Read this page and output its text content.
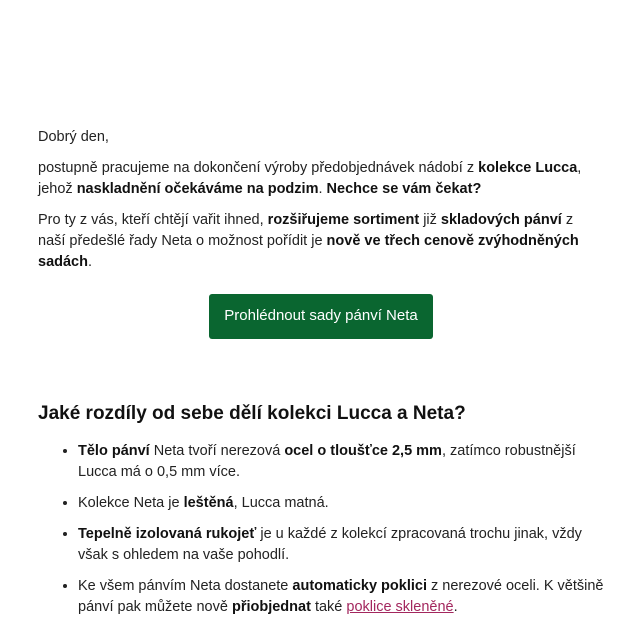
Dobrý den,

postupně pracujeme na dokončení výroby předobjednávek nádobí z kolekce Lucca, jehož naskladnění očekáváme na podzim. Nechce se vám čekat?

Pro ty z vás, kteří chtějí vařit ihned, rozšiřujeme sortiment již skladových pánví z naší předešlé řady Neta o možnost pořídit je nově ve třech cenově zvýhodněných sadách.

Prohlédnout sady pánví Neta
Jaké rozdíly od sebe dělí kolekci Lucca a Neta?
• Tělo pánví Neta tvoří nerezová ocel o tloušťce 2,5 mm, zatímco robustnější Lucca má o 0,5 mm více.
• Kolekce Neta je leštěná, Lucca matná.
• Tepelně izolovaná rukojeť je u každé z kolekcí zpracovaná trochu jinak, vždy však s ohledem na vaše pohodlí.
• Ke všem pánvím Neta dostanete automaticky poklici z nerezové oceli. K většině pánví pak můžete nově přiobjednat také poklice skleněné.
